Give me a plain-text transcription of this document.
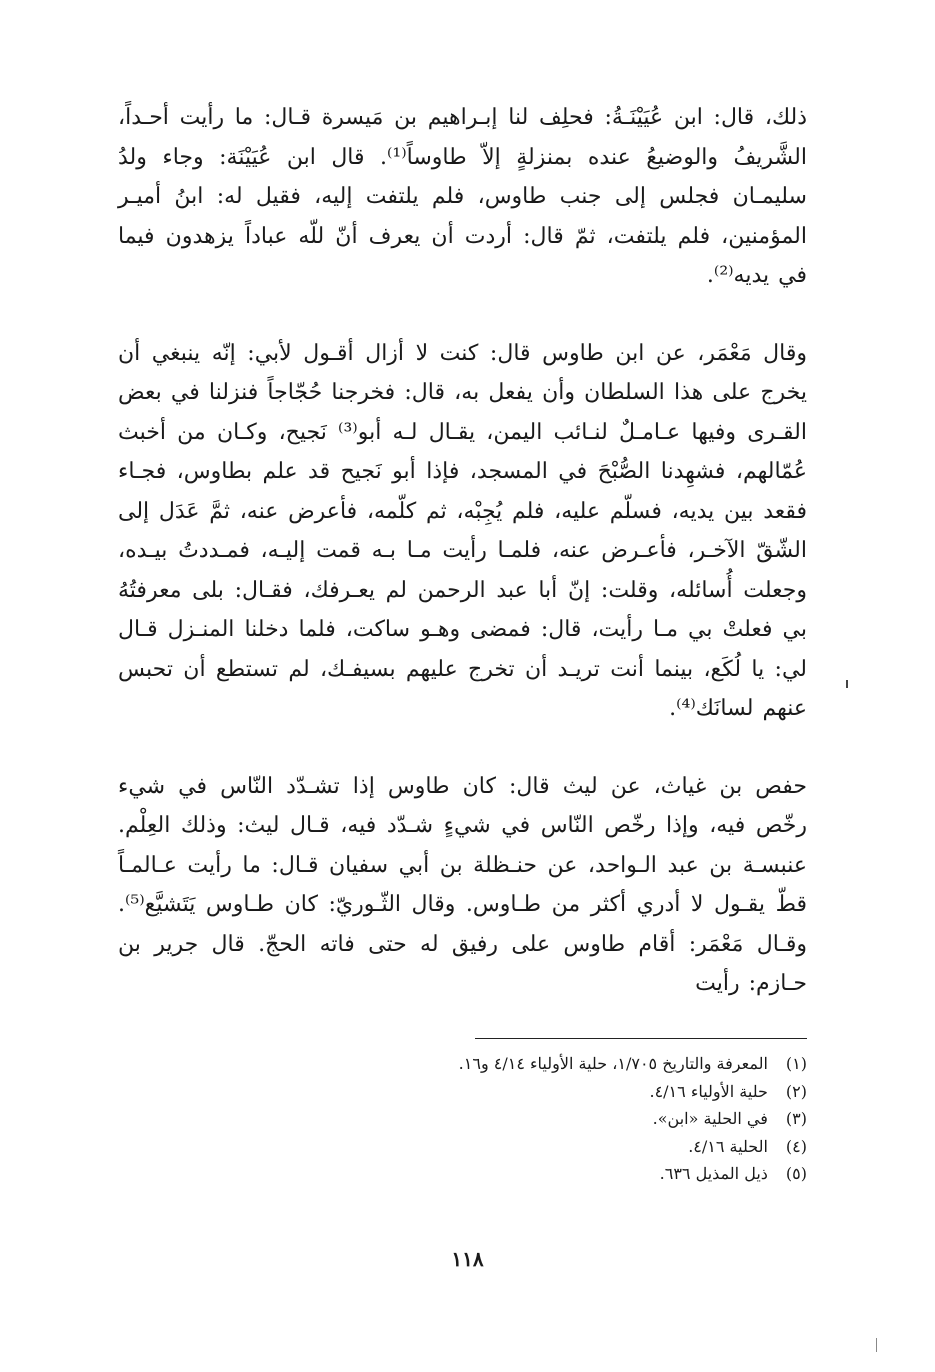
ذلك، قال: ابن عُيَيْنَـةُ: فحلِف لنا إبـراهيم بن مَيسرة قـال: ما رأيت أحـداً، الشَّريفُ والوضيعُ عنده بمنزلةٍ إلاّ طاوساً⁽¹⁾. قال ابن عُيَيْنَة: وجاء ولدُ سليمـان فجلس إلى جنب طاوس، فلم يلتفت إليه، فقيل له: ابنُ أميـر المؤمنين، فلم يلتفت، ثمّ قال: أردت أن يعرف أنّ للّه عباداً يزهدون فيما في يديه⁽²⁾.

وقال مَعْمَر، عن ابن طاوس قال: كنت لا أزال أقـول لأبي: إنّه ينبغي أن يخرج على هذا السلطان وأن يفعل به، قال: فخرجنا حُجّاجاً فنزلنا في بعض القـرى وفيها عـامـلٌ لنـائب اليمن، يقـال لـه أبو⁽³⁾ نَجيح، وكـان من أخبث عُمّالهم، فشهِدنا الصُّبْحَ في المسجد، فإذا أبو نَجيح قد علم بطاوس، فجـاء فقعد بين يديه، فسلّم عليه، فلم يُجِبْه، ثم كلّمه، فأعرض عنه، ثمَّ عَدَل إلى الشّقّ الآخـر، فأعـرض عنه، فلمـا رأيت مـا بـه قمت إليـه، فمـددتُ بيـده، وجعلت أُسائله، وقلت: إنّ أبا عبد الرحمن لم يعـرفك، فقـال: بلى معرفتُهُ بي فعلتْ بي مـا رأيت، قال: فمضى وهـو ساكت، فلما دخلنا المنـزل قـال لي: يا لُكَع، بينما أنت تريـد أن تخرج عليهم بسيفـك، لم تستطع أن تحبس عنهم لسانَك⁽⁴⁾.

حفص بن غياث، عن ليث قال: كان طاوس إذا تشـدّد النّاس في شيء رخّص فيه، وإذا رخّص النّاس في شيءٍ شـدّد فيه، قـال ليث: وذلك العِلْم. عنبسـة بن عبد الـواحد، عن حنـظلة بن أبي سفيان قـال: ما رأيت عـالمـاً قطّ يقـول لا أدري أكثر من طـاوس. وقال الثّـوريّ: كان طـاوس يَتَشيَّع⁽⁵⁾. وقـال مَعْمَر: أقام طاوس على رفيق له حتى فاته الحجّ. قال جرير بن حـازم: رأيت

(١) المعرفة والتاريخ ١/٧٠٥، حلية الأولياء ٤/١٤ و١٦.
(٢) حلية الأولياء ٤/١٦.
(٣) في الحلية «ابن».
(٤) الحلية ٤/١٦.
(٥) ذيل المذيل ٦٣٦.
١١٨
